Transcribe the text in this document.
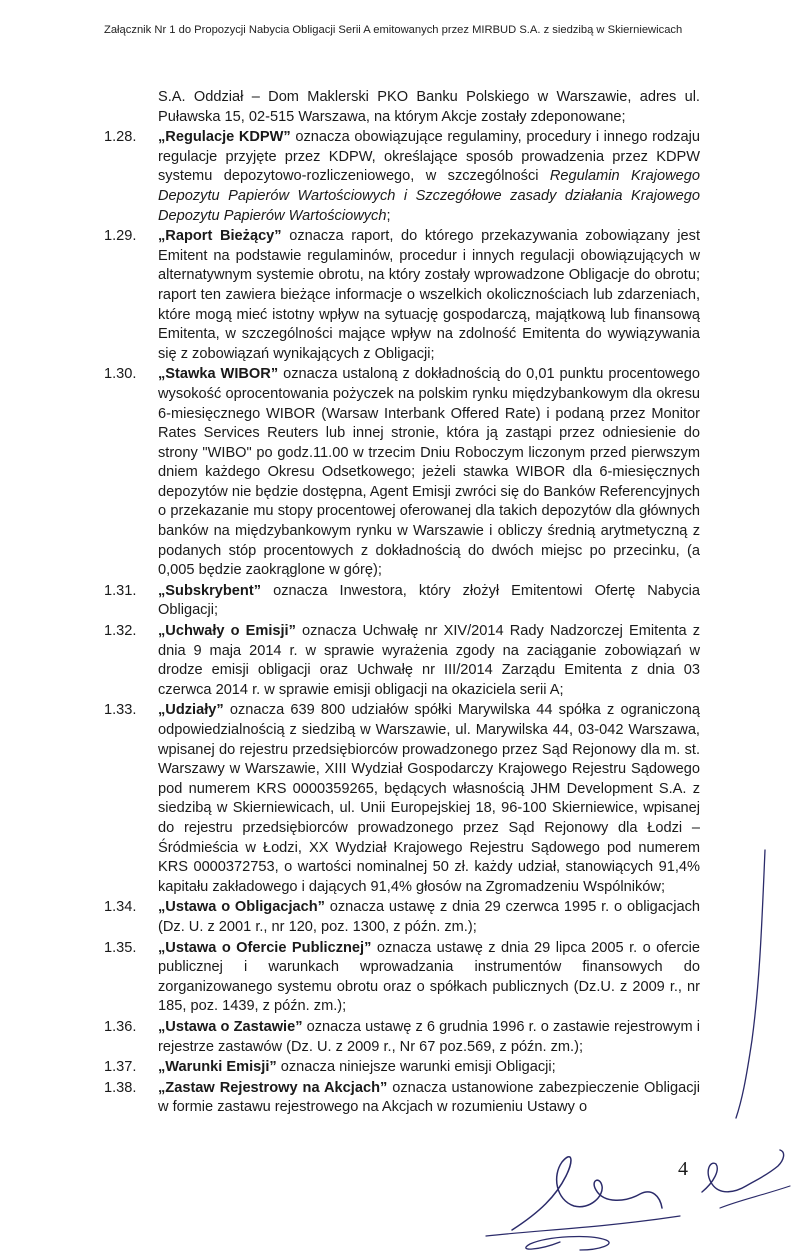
Załącznik Nr 1 do Propozycji Nabycia Obligacji Serii A emitowanych przez MIRBUD S.A. z siedzibą w Skierniewicach
S.A. Oddział – Dom Maklerski PKO Banku Polskiego w Warszawie, adres ul. Puławska 15, 02-515 Warszawa, na którym Akcje zostały zdeponowane;
1.28.	„Regulacje KDPW” oznacza obowiązujące regulaminy, procedury i innego rodzaju regulacje przyjęte przez KDPW, określające sposób prowadzenia przez KDPW systemu depozytowo-rozliczeniowego, w szczególności Regulamin Krajowego Depozytu Papierów Wartościowych i Szczegółowe zasady działania Krajowego Depozytu Papierów Wartościowych;
1.29.	„Raport Bieżący” oznacza raport, do którego przekazywania zobowiązany jest Emitent na podstawie regulaminów, procedur i innych regulacji obowiązujących w alternatywnym systemie obrotu, na który zostały wprowadzone Obligacje do obrotu; raport ten zawiera bieżące informacje o wszelkich okolicznościach lub zdarzeniach, które mogą mieć istotny wpływ na sytuację gospodarczą, majątkową lub finansową Emitenta, w szczególności mające wpływ na zdolność Emitenta do wywiązywania się z zobowiązań wynikających z Obligacji;
1.30.	„Stawka WIBOR” oznacza ustaloną z dokładnością do 0,01 punktu procentowego wysokość oprocentowania pożyczek na polskim rynku międzybankowym dla okresu 6-miesięcznego WIBOR (Warsaw Interbank Offered Rate) i podaną przez Monitor Rates Services Reuters lub innej stronie, która ją zastąpi przez odniesienie do strony "WIBO" po godz.11.00 w trzecim Dniu Roboczym liczonym przed pierwszym dniem każdego Okresu Odsetkowego; jeżeli stawka WIBOR dla 6-miesięcznych depozytów nie będzie dostępna, Agent Emisji zwróci się do Banków Referencyjnych o przekazanie mu stopy procentowej oferowanej dla takich depozytów dla głównych banków na międzybankowym rynku w Warszawie i obliczy średnią arytmetyczną z podanych stóp procentowych z dokładnością do dwóch miejsc po przecinku, (a 0,005 będzie zaokrąglone w górę);
1.31.	„Subskrybent” oznacza Inwestora, który złożył Emitentowi Ofertę Nabycia Obligacji;
1.32.	„Uchwały o Emisji” oznacza Uchwałę nr XIV/2014 Rady Nadzorczej Emitenta z dnia 9 maja 2014 r. w sprawie wyrażenia zgody na zaciąganie zobowiązań w drodze emisji obligacji oraz Uchwałę nr III/2014 Zarządu Emitenta z dnia 03 czerwca 2014 r. w sprawie emisji obligacji na okaziciela serii A;
1.33.	„Udziały” oznacza 639 800 udziałów spółki Marywilska 44 spółka z ograniczoną odpowiedzialnością z siedzibą w Warszawie, ul. Marywilska 44, 03-042 Warszawa, wpisanej do rejestru przedsiębiorców prowadzonego przez Sąd Rejonowy dla m. st. Warszawy w Warszawie, XIII Wydział Gospodarczy Krajowego Rejestru Sądowego pod numerem KRS 0000359265, będących własnością JHM Development S.A. z siedzibą w Skierniewicach, ul. Unii Europejskiej 18, 96-100 Skierniewice, wpisanej do rejestru przedsiębiorców prowadzonego przez Sąd Rejonowy dla Łodzi – Śródmieścia w Łodzi, XX Wydział Krajowego Rejestru Sądowego pod numerem KRS 0000372753, o wartości nominalnej 50 zł. każdy udział, stanowiących 91,4% kapitału zakładowego i dających 91,4% głosów na Zgromadzeniu Wspólników;
1.34.	„Ustawa o Obligacjach” oznacza ustawę z dnia 29 czerwca 1995 r. o obligacjach (Dz. U. z 2001 r., nr 120, poz. 1300, z późn. zm.);
1.35.	„Ustawa o Ofercie Publicznej” oznacza ustawę z dnia 29 lipca 2005 r. o ofercie publicznej i warunkach wprowadzania instrumentów finansowych do zorganizowanego systemu obrotu oraz o spółkach publicznych (Dz.U. z 2009 r., nr 185, poz. 1439, z późn. zm.);
1.36.	„Ustawa o Zastawie” oznacza ustawę z 6 grudnia 1996 r. o zastawie rejestrowym i rejestrze zastawów (Dz. U. z 2009 r., Nr 67 poz.569, z późn. zm.);
1.37.	„Warunki Emisji” oznacza niniejsze warunki emisji Obligacji;
1.38.	„Zastaw Rejestrowy na Akcjach” oznacza ustanowione zabezpieczenie Obligacji w formie zastawu rejestrowego na Akcjach w rozumieniu Ustawy o
4
